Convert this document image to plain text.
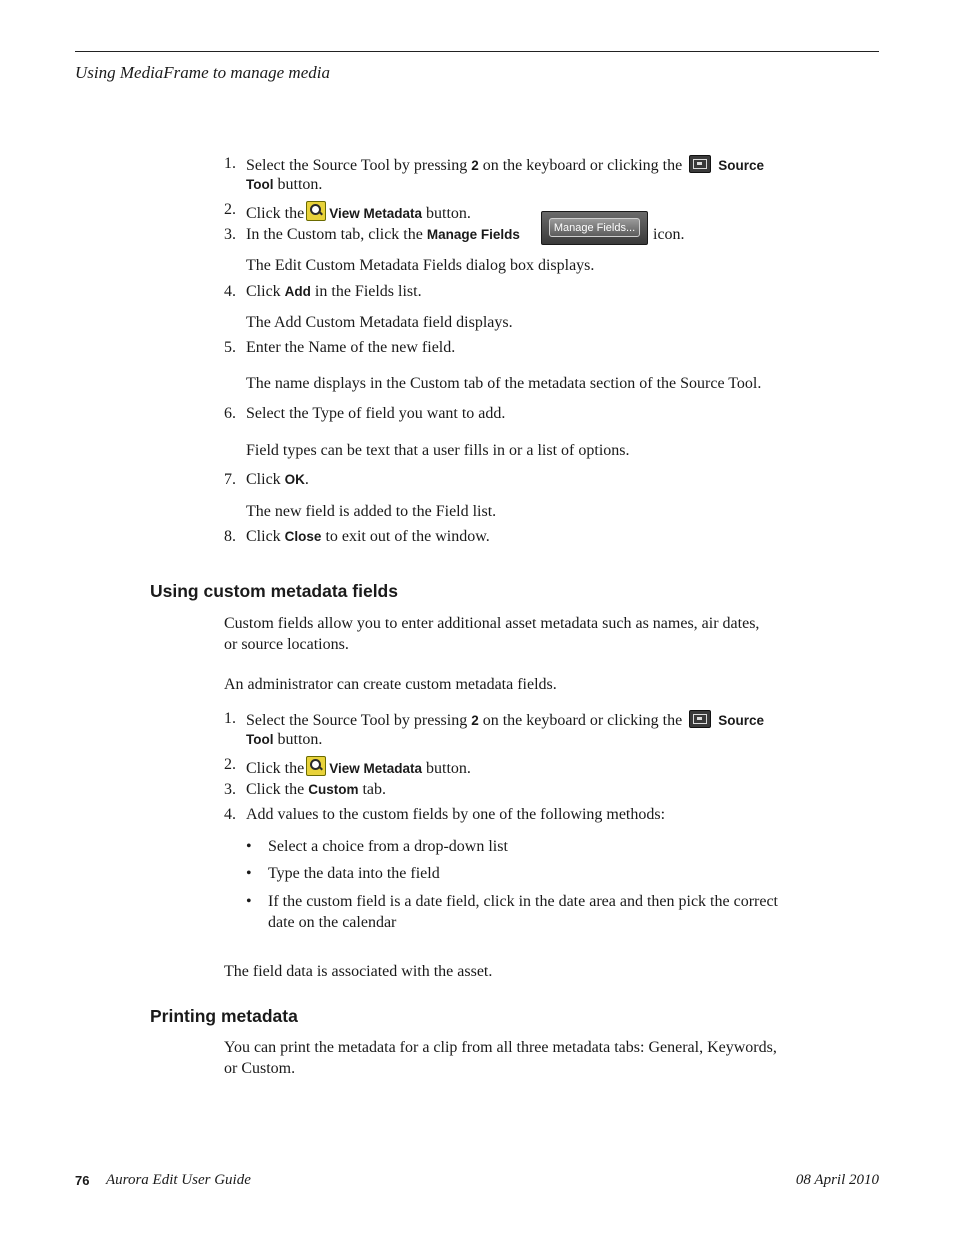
Using MediaFrame to manage media
1. Select the Source Tool by pressing 2 on the keyboard or clicking the	Source
Tool button.
2. Click the View Metadata button.
3. In the Custom tab, click the Manage Fields	Manage Fields...	icon.
The Edit Custom Metadata Fields dialog box displays.
4. Click Add in the Fields list.
The Add Custom Metadata field displays.
5. Enter the Name of the new field.
The name displays in the Custom tab of the metadata section of the Source Tool.
6. Select the Type of field you want to add.
Field types can be text that a user fills in or a list of options.
7. Click OK.
The new field is added to the Field list.
8. Click Close to exit out of the window.
Using custom metadata fields
Custom fields allow you to enter additional asset metadata such as names, air dates,
or source locations.
An administrator can create custom metadata fields.
1. Select the Source Tool by pressing 2 on the keyboard or clicking the	Source
Tool button.
2. Click the View Metadata button.
3. Click the Custom tab.
4. Add values to the custom fields by one of the following methods:
• Select a choice from a drop-down list
• Type the data into the field
• If the custom field is a date field, click in the date area and then pick the correct
date on the calendar
The field data is associated with the asset.
Printing metadata
You can print the metadata for a clip from all three metadata tabs: General, Keywords,
or Custom.
76 Aurora Edit User Guide	08 April 2010
